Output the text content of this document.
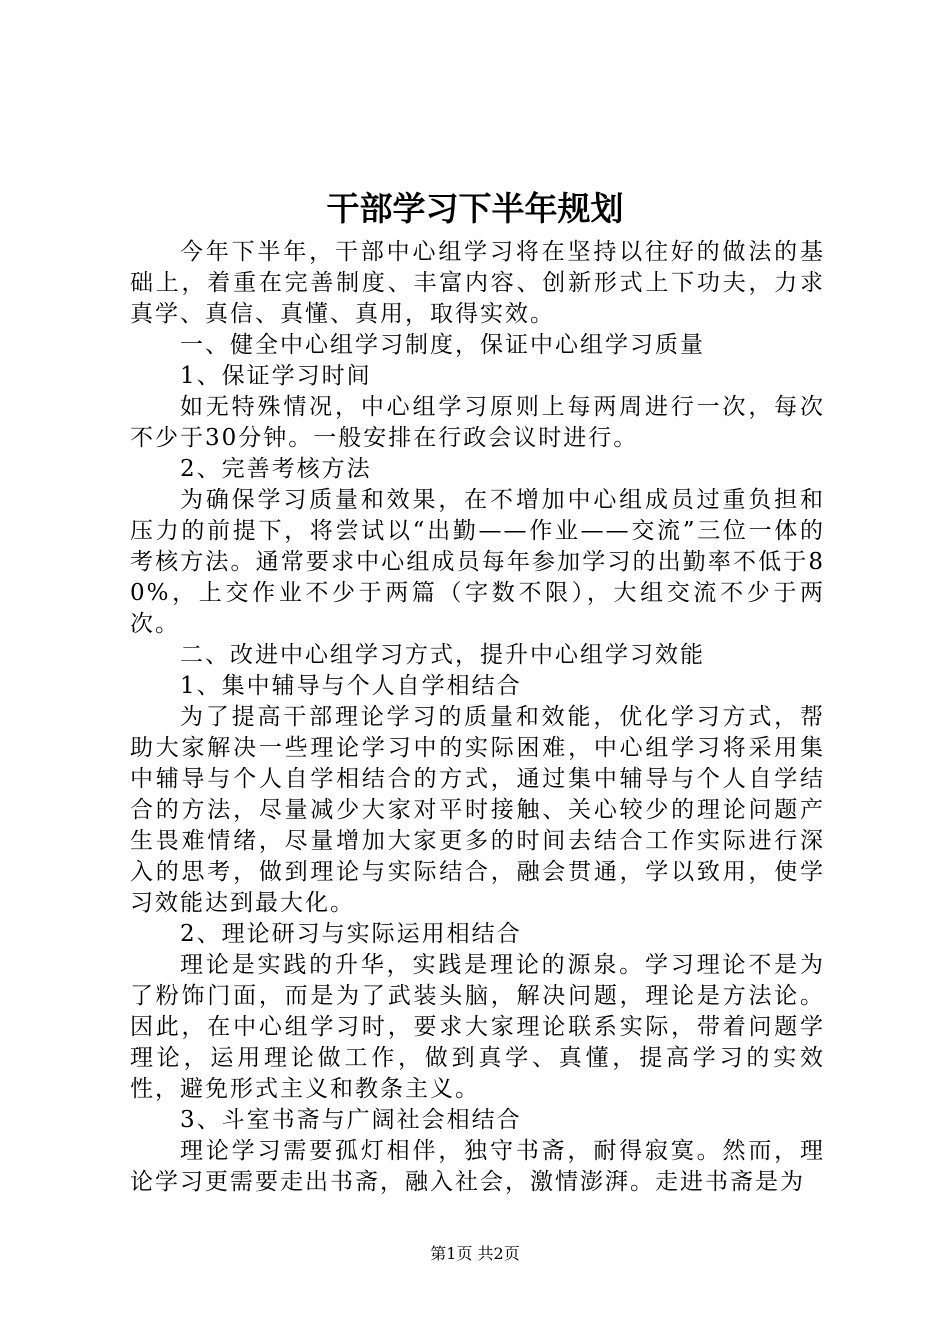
干部学习下半年规划

今年下半年，干部中心组学习将在坚持以往好的做法的基础上，着重在完善制度、丰富内容、创新形式上下功夫，力求真学、真信、真懂、真用，取得实效。

一、健全中心组学习制度，保证中心组学习质量

1、保证学习时间

如无特殊情况，中心组学习原则上每两周进行一次，每次不少于30分钟。一般安排在行政会议时进行。

2、完善考核方法

为确保学习质量和效果，在不增加中心组成员过重负担和压力的前提下，将尝试以“出勤——作业——交流”三位一体的考核方法。通常要求中心组成员每年参加学习的出勤率不低于80%，上交作业不少于两篇（字数不限），大组交流不少于两次。

二、改进中心组学习方式，提升中心组学习效能

1、集中辅导与个人自学相结合

为了提高干部理论学习的质量和效能，优化学习方式，帮助大家解决一些理论学习中的实际困难，中心组学习将采用集中辅导与个人自学相结合的方式，通过集中辅导与个人自学结合的方法，尽量减少大家对平时接触、关心较少的理论问题产生畏难情绪，尽量增加大家更多的时间去结合工作实际进行深入的思考，做到理论与实际结合，融会贯通，学以致用，使学习效能达到最大化。

2、理论研习与实际运用相结合

理论是实践的升华，实践是理论的源泉。学习理论不是为了粉饰门面，而是为了武装头脑，解决问题，理论是方法论。因此，在中心组学习时，要求大家理论联系实际，带着问题学理论，运用理论做工作，做到真学、真懂，提高学习的实效性，避免形式主义和教条主义。

3、斗室书斋与广阔社会相结合

理论学习需要孤灯相伴，独守书斋，耐得寂寞。然而，理论学习更需要走出书斋，融入社会，激情澎湃。走进书斋是为

第1页 共2页
